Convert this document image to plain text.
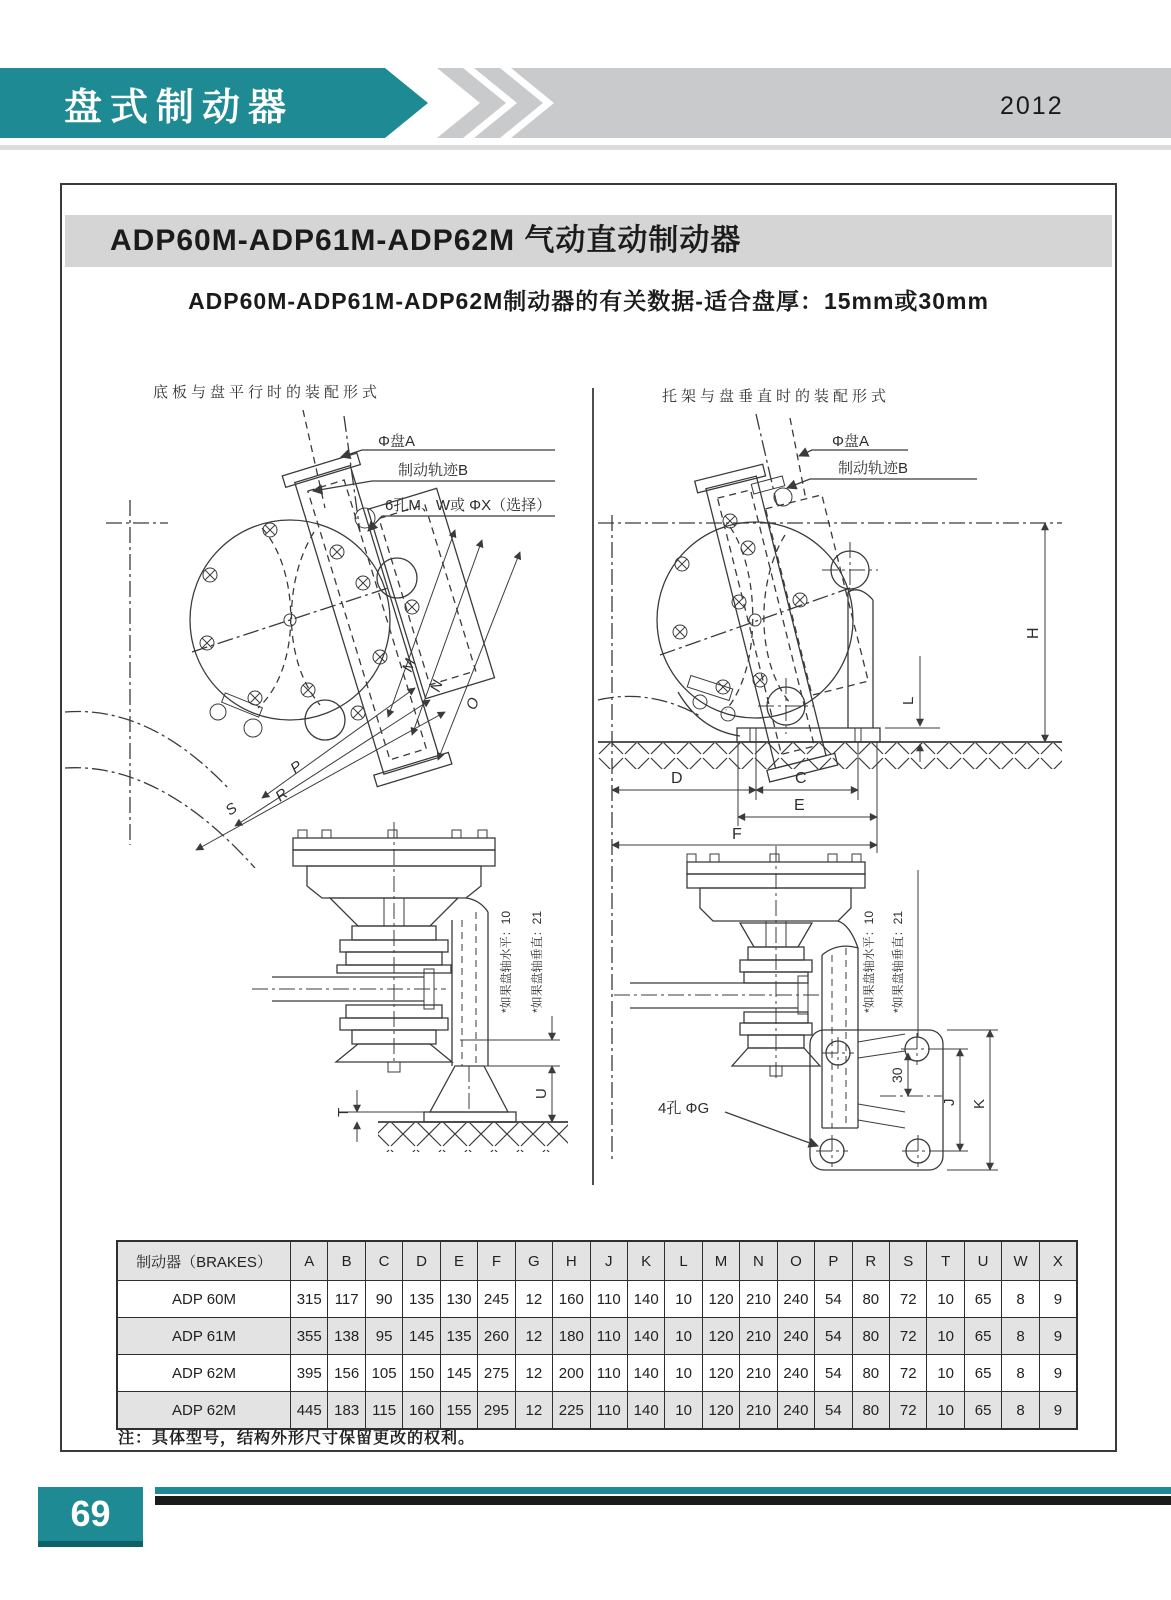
盘式制动器	2012
ADP60M-ADP61M-ADP62M 气动直动制动器
ADP60M-ADP61M-ADP62M制动器的有关数据-适合盘厚：15mm或30mm
注：具体型号，结构外形尺寸保留更改的权利。
底板与盘平行时的装配形式
Φ盘A
制动轨迹B
6孔M、W或 ΦX（选择）
M
N
O
P
R
S
T
U
*如果盘轴水平：10 *如果盘轴垂直：21
托架与盘垂直时的装配形式
Φ盘A
制动轨迹B
H
L
D	C
E
F
30
J K
4孔 ΦG
*如果盘轴水平：10 *如果盘轴垂直：21
制动器（BRAKES）	A	B	C	D	E	F	G	H	J	K	L	M	N	O	P	R	S	T	U	W	X
ADP 60M	315	117	90	135	130	245	12	160	110	140	10	120	210	240	54	80	72	10	65	8	9
ADP 61M	355	138	95	145	135	260	12	180	110	140	10	120	210	240	54	80	72	10	65	8	9
ADP 62M	395	156	105	150	145	275	12	200	110	140	10	120	210	240	54	80	72	10	65	8	9
ADP 62M	445	183	115	160	155	295	12	225	110	140	10	120	210	240	54	80	72	10	65	8	9
69
